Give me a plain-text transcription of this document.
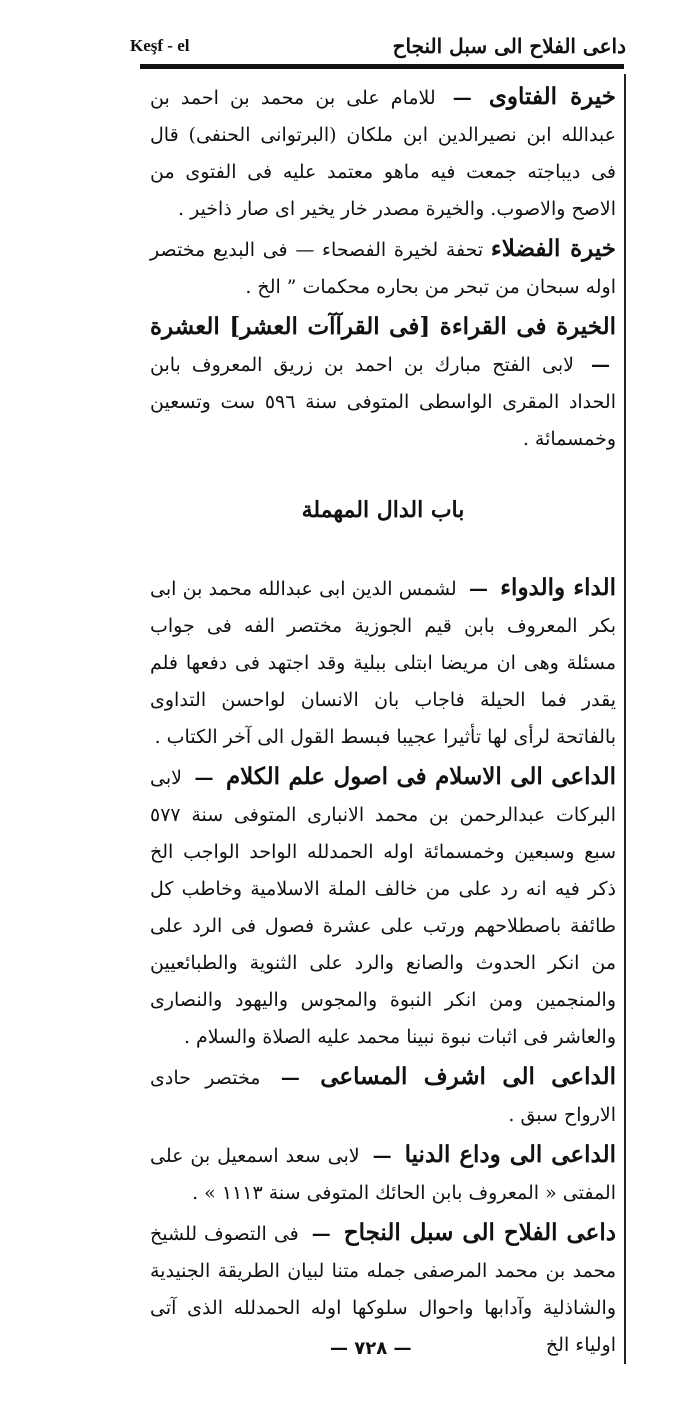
Keşf - el	داعی الفلاح الی سبل النجاح

خيرة الفتاوی — للامام علی بن محمد بن احمد بن عبدالله ابن نصيرالدين ابن ملكان (البرتوانی الحنفی) قال فی ديباجته جمعت فيه ماهو معتمد عليه فی الفتوی من الاصح والاصوب. والخيرة مصدر خار يخير ای صار ذاخير .

خيرة الفضلاء تحفة لخيرة الفصحاء — فی البديع مختصر اوله سبحان من تبحر من بحاره محكمات ” الخ .

الخيرة فی القراءة [فی القرآآت العشر] العشرة — لابی الفتح مبارك بن احمد بن زريق المعروف بابن الحداد المقری الواسطی المتوفی سنة ٥٩٦ ست وتسعين وخمسمائة .

باب الدال المهملة

الداء والدواء — لشمس الدين ابی عبدالله محمد بن ابی بكر المعروف بابن قيم الجوزية مختصر الفه فی جواب مسئلة وهی ان مريضا ابتلی ببلية وقد اجتهد فی دفعها فلم يقدر فما الحيلة فاجاب بان الانسان لواحسن التداوی بالفاتحة لرأی لها تأثيرا عجيبا فبسط القول الی آخر الكتاب .

الداعی الی الاسلام فی اصول علم الكلام — لابی البركات عبدالرحمن بن محمد الانباری المتوفی سنة ٥٧٧ سبع وسبعين وخمسمائة اوله الحمدلله الواحد الواجب الخ ذكر فيه انه رد علی من خالف الملة الاسلامية وخاطب كل طائفة باصطلاحهم ورتب علی عشرة فصول فی الرد علی من انكر الحدوث والصانع والرد علی الثنوية والطبائعيين والمنجمين ومن انكر النبوة والمجوس واليهود والنصاری والعاشر فی اثبات نبوة نبينا محمد عليه الصلاة والسلام .

الداعی الی اشرف المساعی — مختصر حادی الارواح سبق .

الداعی الی وداع الدنيا — لابی سعد اسمعيل بن علی المفتی « المعروف بابن الحائك المتوفی سنة ١١١٣ » .

داعی الفلاح الی سبل النجاح — فی التصوف للشيخ محمد بن محمد المرصفی جمله متنا لبيان الطريقة الجنيدية والشاذلية وآدابها واحوال سلوكها اوله الحمدلله الذی آتی اولياء الخ

— ٧٢٨ —
